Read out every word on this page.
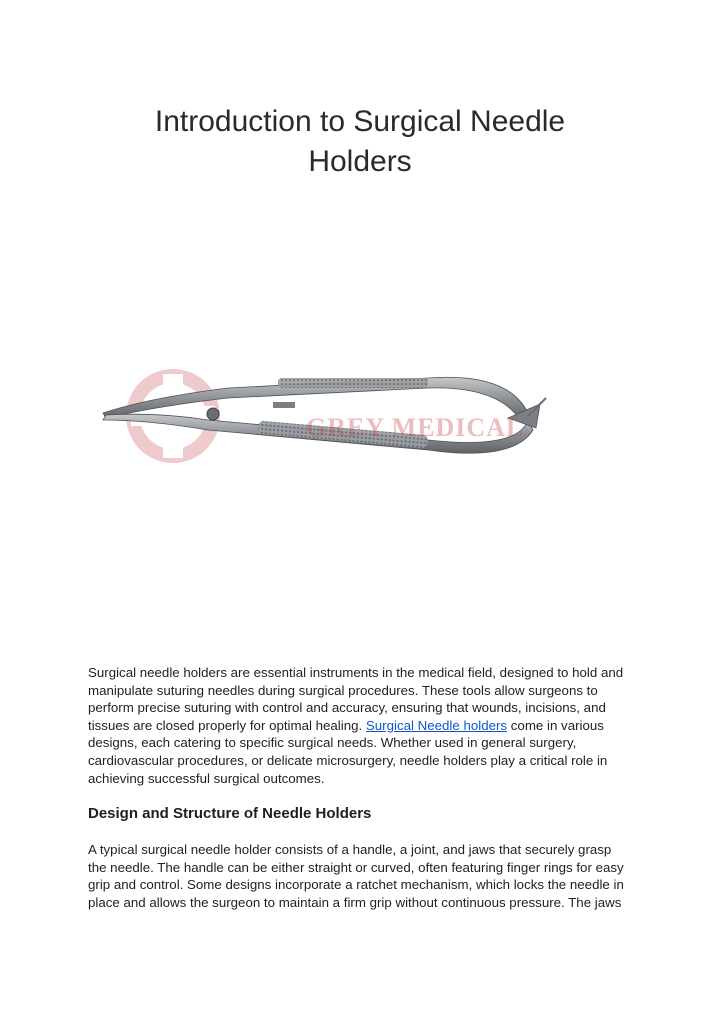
Introduction to Surgical Needle Holders
GREY MEDICAL

Surgical needle holders are essential instruments in the medical field, designed to hold and manipulate suturing needles during surgical procedures. These tools allow surgeons to perform precise suturing with control and accuracy, ensuring that wounds, incisions, and tissues are closed properly for optimal healing. Surgical Needle holders come in various designs, each catering to specific surgical needs. Whether used in general surgery, cardiovascular procedures, or delicate microsurgery, needle holders play a critical role in achieving successful surgical outcomes.

Design and Structure of Needle Holders

A typical surgical needle holder consists of a handle, a joint, and jaws that securely grasp the needle. The handle can be either straight or curved, often featuring finger rings for easy grip and control. Some designs incorporate a ratchet mechanism, which locks the needle in place and allows the surgeon to maintain a firm grip without continuous pressure. The jaws
